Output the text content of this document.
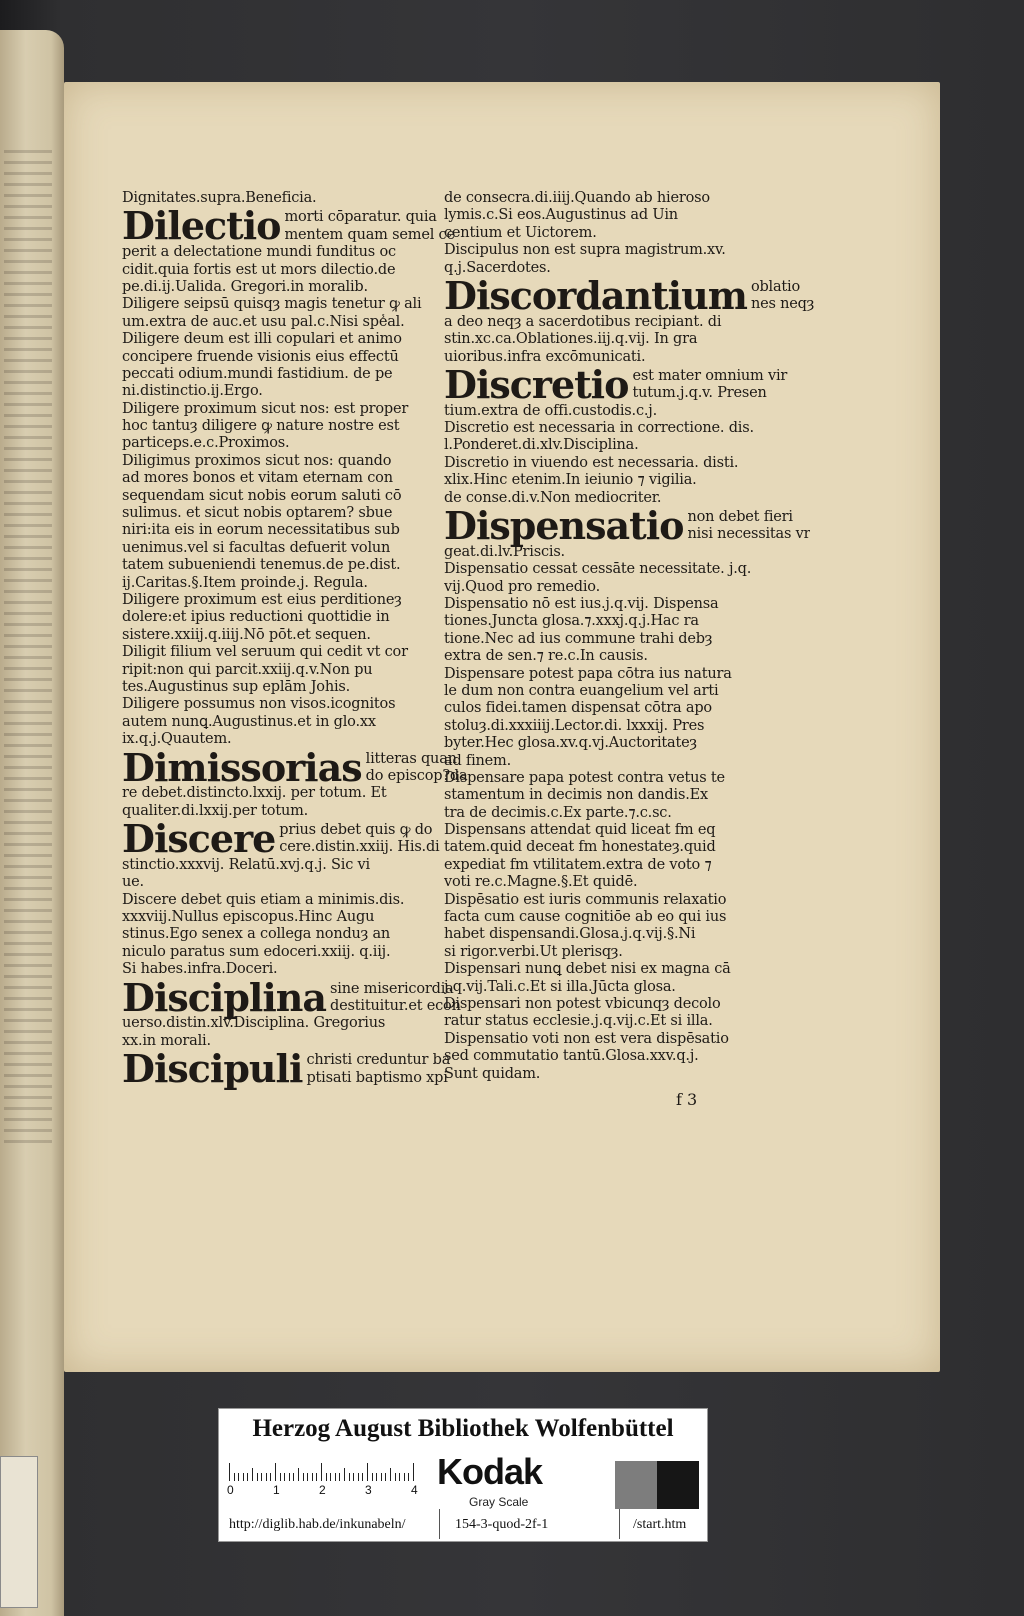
Dignitates.supra.Beneficia.
Dilectio morti cōparatur. quia
mentem quam semel ce
perit a delectatione mundi funditus oc
cidit.quia fortis est ut mors dilectio.de
pe.di.ij.Ualida. Gregori.in moralib.
Diligere seipsū quisqȝ magis tenetur ꝙ ali
um.extra de auc.et usu pal.c.Nisi spe̾al.
Diligere deum est illi copulari et animo
concipere fruende visionis eius effectū
peccati odium.mundi fastidium. de pe
ni.distinctio.ij.Ergo.
Diligere proximum sicut nos: est proper
hoc tantuȝ diligere ꝙ nature nostre est
particeps.e.c.Proximos.
Diligimus proximos sicut nos: quando
ad mores bonos et vitam eternam con
sequendam sicut nobis eorum saluti cō
sulimus. et sicut nobis optarem? sbue
niri:ita eis in eorum necessitatibus sub
uenimus.vel si facultas defuerit volun
tatem subueniendi tenemus.de pe.dist.
ij.Caritas.§.Item proinde.j. Regula.
Diligere proximum est eius perditioneȝ
dolere:et ipius reductioni quottidie in
sistere.xxiij.q.iiij.Nō pōt.et sequen.
Diligit filium vel seruum qui cedit vt cor
ripit:non qui parcit.xxiij.q.v.Non pu
tes.Augustinus sup eplām Johis.
Diligere possumus non visos.icognitos
autem nunꝗ.Augustinus.et in glo.xx
ix.q.j.Quautem.
Dimissorias litteras quan
do episcop?da
re debet.distincto.lxxij. per totum. Et
qualiter.di.lxxij.per totum.
Discere prius debet quis ꝙ do
cere.distin.xxiij. His.di
stinctio.xxxvij. Relatū.xvj.q.j. Sic vi
ue.
Discere debet quis etiam a minimis.dis.
xxxviij.Nullus episcopus.Hinc Augu
stinus.Ego senex a collega nonduȝ an
niculo paratus sum edoceri.xxiij. q.iij.
Si habes.infra.Doceri.
Disciplina sine misericordia
destituitur.et econ
uerso.distin.xlv.Disciplina. Gregorius
xx.in morali.
Discipuli christi creduntur ba
ptisati baptismo xpi
de consecra.di.iiij.Quando ab hieroso
lymis.c.Si eos.Augustinus ad Uin
centium et Uictorem.
Discipulus non est supra magistrum.xv.
q.j.Sacerdotes.
Discordantium oblatio
nes neqȝ
a deo neqȝ a sacerdotibus recipiant. di
stin.xc.ca.Oblationes.iij.q.vij. In gra
uioribus.infra excōmunicati.
Discretio est mater omnium vir
tutum.j.q.v. Presen
tium.extra de offi.custodis.c.j.
Discretio est necessaria in correctione. dis.
l.Ponderet.di.xlv.Disciplina.
Discretio in viuendo est necessaria. disti.
xlix.Hinc etenim.In ieiunio ⁊ vigilia.
de conse.di.v.Non mediocriter.
Dispensatio non debet fieri
nisi necessitas vr
geat.di.lv.Priscis.
Dispensatio cessat cessāte necessitate. j.q.
vij.Quod pro remedio.
Dispensatio nō est ius.j.q.vij. Dispensa
tiones.Juncta glosa.⁊.xxxj.q.j.Hac ra
tione.Nec ad ius commune trahi debȝ
extra de sen.⁊ re.c.In causis.
Dispensare potest papa cōtra ius natura
le dum non contra euangelium vel arti
culos fidei.tamen dispensat cōtra apo
stoluȝ.di.xxxiiij.Lector.di. lxxxij. Pres
byter.Hec glosa.xv.q.vj.Auctoritateȝ
ad finem.
Dispensare papa potest contra vetus te
stamentum in decimis non dandis.Ex
tra de decimis.c.Ex parte.⁊.c.sc.
Dispensans attendat quid liceat fm eq
tatem.quid deceat fm honestateȝ.quid
expediat fm vtilitatem.extra de voto ⁊
voti re.c.Magne.§.Et quidē.
Dispēsatio est iuris communis relaxatio
facta cum cause cognitiōe ab eo qui ius
habet dispensandi.Glosa.j.q.vij.§.Ni
si rigor.verbi.Ut plerisqȝ.
Dispensari nunꝗ debet nisi ex magna cā
j.q.vij.Tali.c.Et si illa.Jūcta glosa.
Dispensari non potest vbicunqȝ decolo
ratur status ecclesie.j.q.vij.c.Et si illa.
Dispensatio voti non est vera dispēsatio
sed commutatio tantū.Glosa.xxv.q.j.
Sunt quidam.
f 3
Herzog August Bibliothek Wolfenbüttel
0	1	2	3	4 Kodak
Gray Scale
http://diglib.hab.de/inkunabeln/	154-3-quod-2f-1	/start.htm
